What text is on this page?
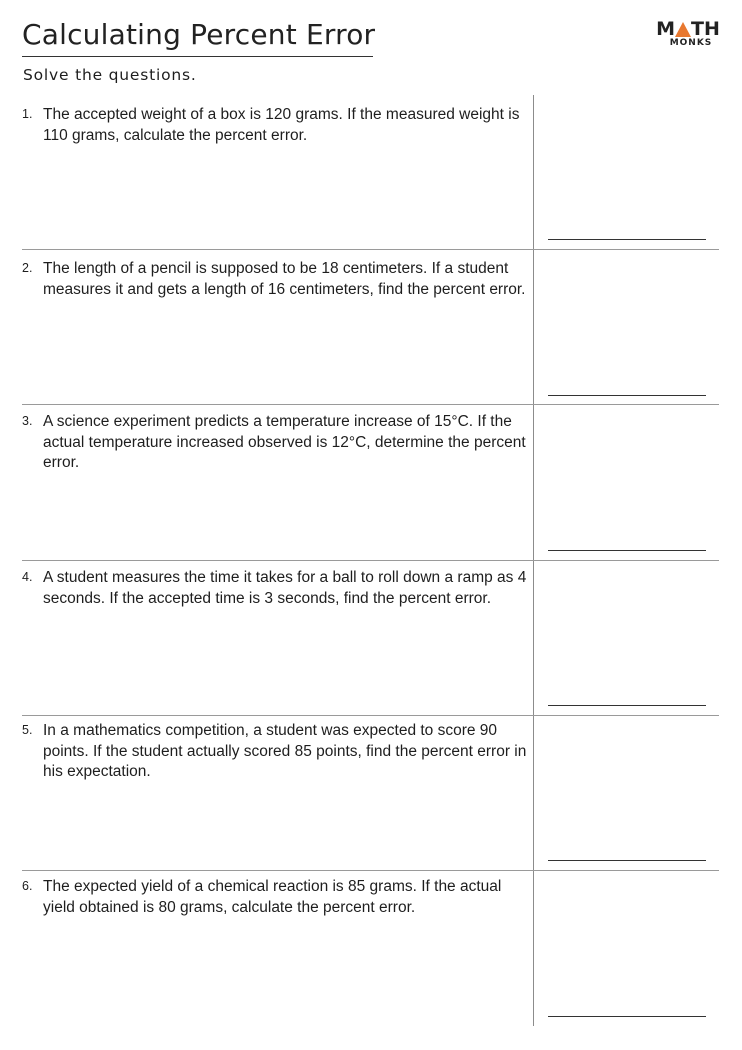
Calculating Percent Error	M TH
MONKS
Solve the questions.
1. The accepted weight of a box is 120 grams. If the measured weight is 110 grams, calculate the percent error.
2. The length of a pencil is supposed to be 18 centimeters. If a student measures it and gets a length of 16 centimeters, find the percent error.
3. A science experiment predicts a temperature increase of 15°C. If the actual temperature increased observed is 12°C, determine the percent error.
4. A student measures the time it takes for a ball to roll down a ramp as 4 seconds. If the accepted time is 3 seconds, find the percent error.
5. In a mathematics competition, a student was expected to score 90 points. If the student actually scored 85 points, find the percent error in his expectation.
6. The expected yield of a chemical reaction is 85 grams. If the actual yield obtained is 80 grams, calculate the percent error.
